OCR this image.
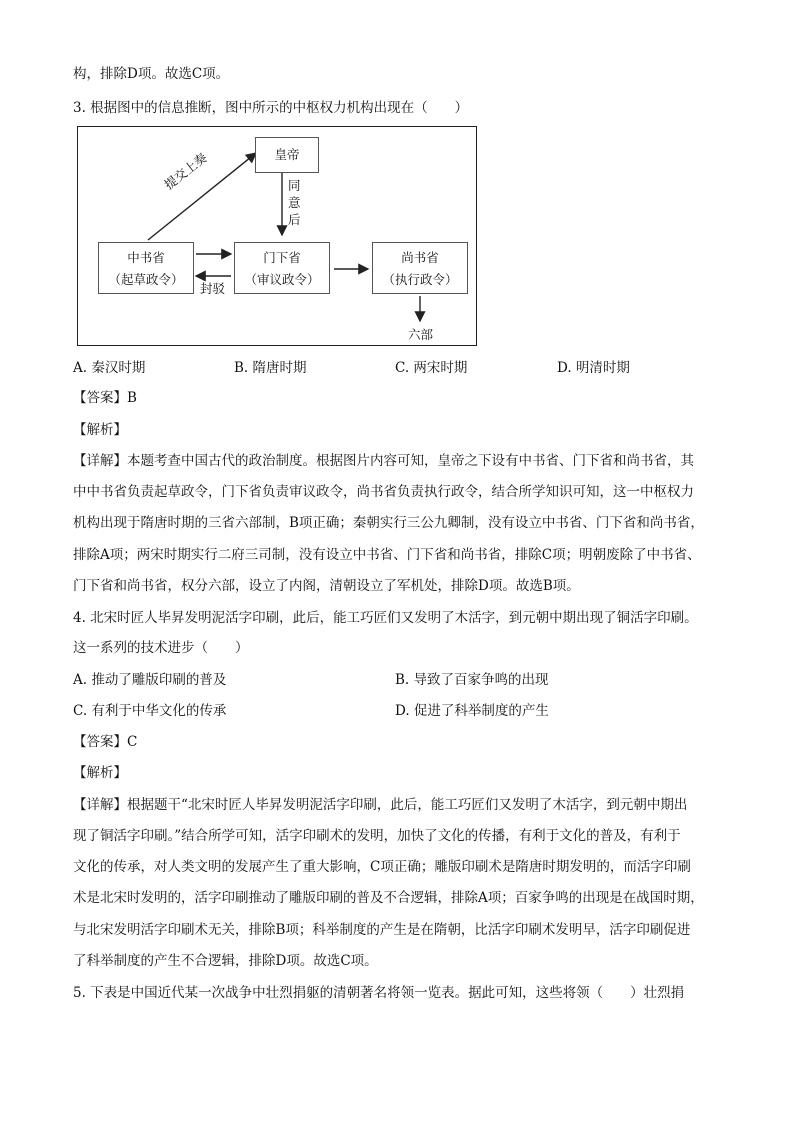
构，排除D项。故选C项。
3. 根据图中的信息推断，图中所示的中枢权力机构出现在（　　）
皇帝
中书省
（起草政令）
门下省
（审议政令）
尚书省
（执行政令）
提交上奏	同意后
封驳
六部
A. 秦汉时期	B. 隋唐时期	C. 两宋时期	D. 明清时期
【答案】B
【解析】
【详解】本题考查中国古代的政治制度。根据图片内容可知，皇帝之下设有中书省、门下省和尚书省，其
中中书省负责起草政令，门下省负责审议政令，尚书省负责执行政令，结合所学知识可知，这一中枢权力
机构出现于隋唐时期的三省六部制，B项正确；秦朝实行三公九卿制，没有设立中书省、门下省和尚书省，
排除A项；两宋时期实行二府三司制，没有设立中书省、门下省和尚书省，排除C项；明朝废除了中书省、
门下省和尚书省，权分六部，设立了内阁，清朝设立了军机处，排除D项。故选B项。
4. 北宋时匠人毕昇发明泥活字印刷，此后，能工巧匠们又发明了木活字，到元朝中期出现了铜活字印刷。
这一系列的技术进步（　　）
A. 推动了雕版印刷的普及	B. 导致了百家争鸣的出现
C. 有利于中华文化的传承	D. 促进了科举制度的产生
【答案】C
【解析】
【详解】根据题干“北宋时匠人毕昇发明泥活字印刷，此后，能工巧匠们又发明了木活字，到元朝中期出
现了铜活字印刷。”结合所学可知，活字印刷术的发明，加快了文化的传播，有利于文化的普及，有利于
文化的传承，对人类文明的发展产生了重大影响，C项正确；雕版印刷术是隋唐时期发明的，而活字印刷
术是北宋时发明的，活字印刷推动了雕版印刷的普及不合逻辑，排除A项；百家争鸣的出现是在战国时期，
与北宋发明活字印刷术无关，排除B项；科举制度的产生是在隋朝，比活字印刷术发明早，活字印刷促进
了科举制度的产生不合逻辑，排除D项。故选C项。
5. 下表是中国近代某一次战争中壮烈捐躯的清朝著名将领一览表。据此可知，这些将领（　　）壮烈捐
